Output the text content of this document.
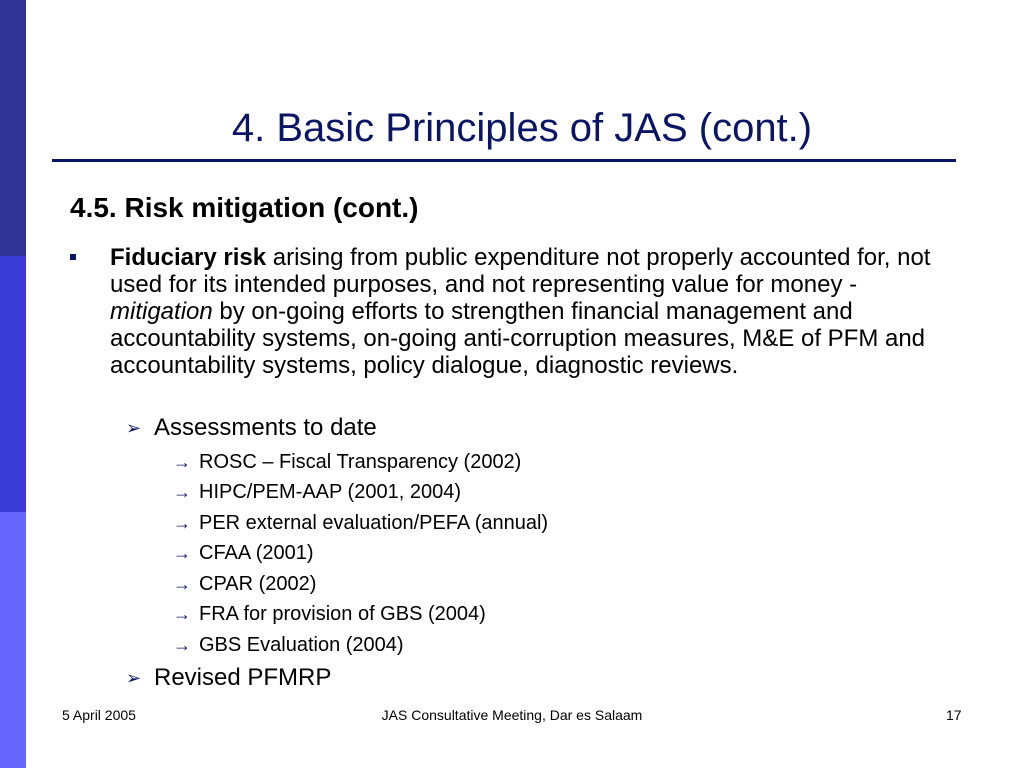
4. Basic Principles of JAS (cont.)
4.5. Risk mitigation (cont.)
Fiduciary risk arising from public expenditure not properly accounted for, not used for its intended purposes, and not representing value for money - mitigation by on-going efforts to strengthen financial management and accountability systems, on-going anti-corruption measures, M&E of PFM and accountability systems, policy dialogue, diagnostic reviews.
➢ Assessments to date
→ ROSC – Fiscal Transparency (2002)
→ HIPC/PEM-AAP (2001, 2004)
→ PER external evaluation/PEFA (annual)
→ CFAA (2001)
→ CPAR (2002)
→ FRA for provision of GBS (2004)
→ GBS Evaluation (2004)
➢ Revised PFMRP
5 April 2005	JAS Consultative Meeting, Dar es Salaam	17
